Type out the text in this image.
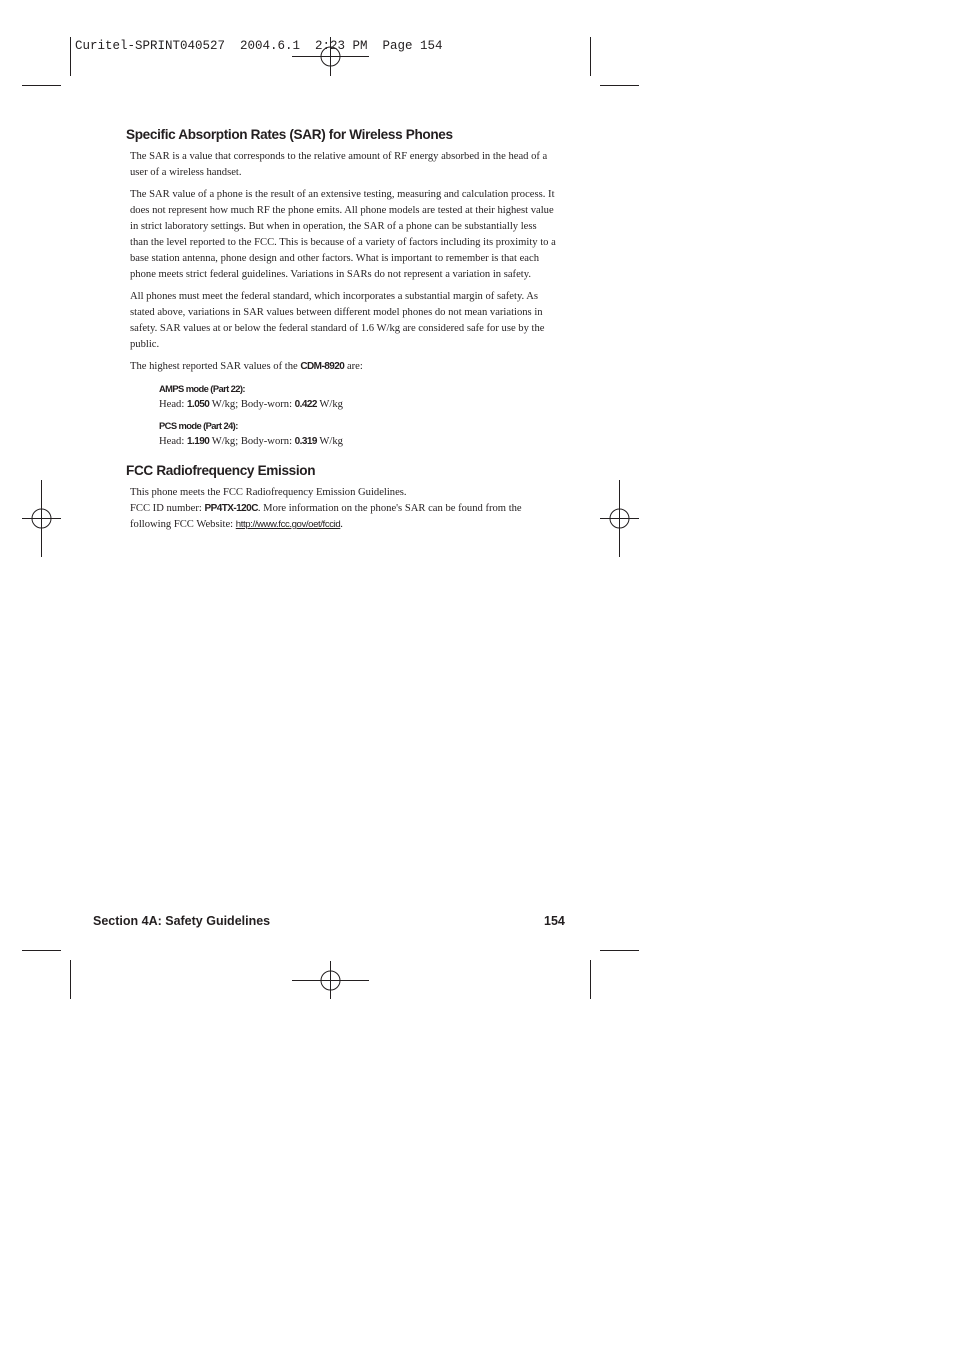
Curitel-SPRINT040527  2004.6.1  2:23 PM  Page 154
Specific Absorption Rates (SAR) for Wireless Phones

The SAR is a value that corresponds to the relative amount of RF energy absorbed in the head of a user of a wireless handset.

The SAR value of a phone is the result of an extensive testing, measuring and calculation process. It does not represent how much RF the phone emits. All phone models are tested at their highest value in strict laboratory settings. But when in operation, the SAR of a phone can be substantially less than the level reported to the FCC. This is because of a variety of factors including its proximity to a base station antenna, phone design and other factors. What is important to remember is that each phone meets strict federal guidelines. Variations in SARs do not represent a variation in safety.

All phones must meet the federal standard, which incorporates a substantial margin of safety. As stated above, variations in SAR values between different model phones do not mean variations in safety. SAR values at or below the federal standard of 1.6 W/kg are considered safe for use by the public.

The highest reported SAR values of the CDM-8920 are:

AMPS mode (Part 22):
Head: 1.050 W/kg; Body-worn: 0.422 W/kg
PCS mode (Part 24):
Head: 1.190 W/kg; Body-worn: 0.319 W/kg
FCC Radiofrequency Emission

This phone meets the FCC Radiofrequency Emission Guidelines.
FCC ID number: PP4TX-120C. More information on the phone's SAR can be found from the following FCC Website: http://www.fcc.gov/oet/fccid.

Section 4A: Safety Guidelines	154
